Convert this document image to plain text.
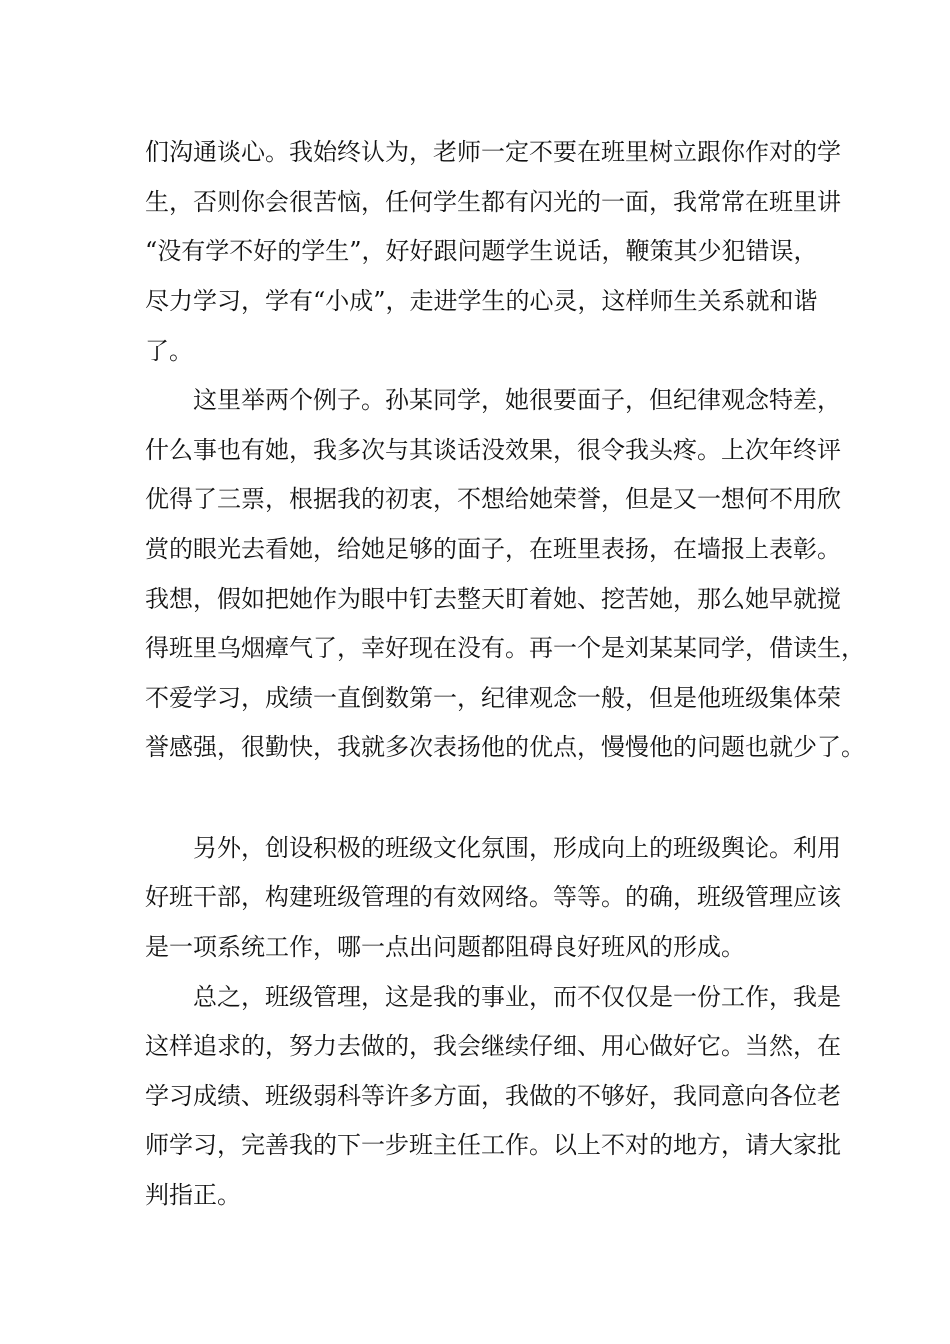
们沟通谈心。我始终认为，老师一定不要在班里树立跟你作对的学
生，否则你会很苦恼，任何学生都有闪光的一面，我常常在班里讲
“没有学不好的学生”，好好跟问题学生说话，鞭策其少犯错误，
尽力学习，学有“小成”，走进学生的心灵，这样师生关系就和谐
了。
这里举两个例子。孙某同学，她很要面子，但纪律观念特差，
什么事也有她，我多次与其谈话没效果，很令我头疼。上次年终评
优得了三票，根据我的初衷，不想给她荣誉，但是又一想何不用欣
赏的眼光去看她，给她足够的面子，在班里表扬，在墙报上表彰。
我想，假如把她作为眼中钉去整天盯着她、挖苦她，那么她早就搅
得班里乌烟瘴气了，幸好现在没有。再一个是刘某某同学，借读生，
不爱学习，成绩一直倒数第一，纪律观念一般，但是他班级集体荣
誉感强，很勤快，我就多次表扬他的优点，慢慢他的问题也就少了。
另外，创设积极的班级文化氛围，形成向上的班级舆论。利用
好班干部，构建班级管理的有效网络。等等。的确，班级管理应该
是一项系统工作，哪一点出问题都阻碍良好班风的形成。
总之，班级管理，这是我的事业，而不仅仅是一份工作，我是
这样追求的，努力去做的，我会继续仔细、用心做好它。当然，在
学习成绩、班级弱科等许多方面，我做的不够好，我同意向各位老
师学习，完善我的下一步班主任工作。以上不对的地方，请大家批
判指正。
